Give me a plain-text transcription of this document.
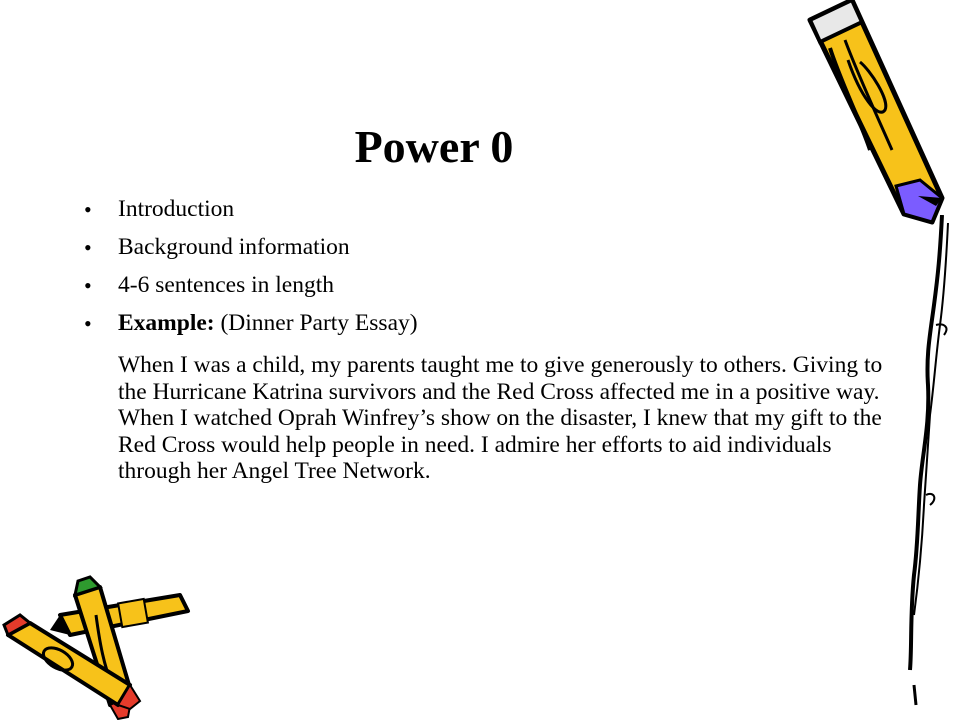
Power 0
• Introduction
• Background information
• 4-6 sentences in length
• Example: (Dinner Party Essay)

When I was a child, my parents taught me to give generously to others. Giving to the Hurricane Katrina survivors and the Red Cross affected me in a positive way. When I watched Oprah Winfrey’s show on the disaster, I knew that my gift to the Red Cross would help people in need. I admire her efforts to aid individuals through her Angel Tree Network.
